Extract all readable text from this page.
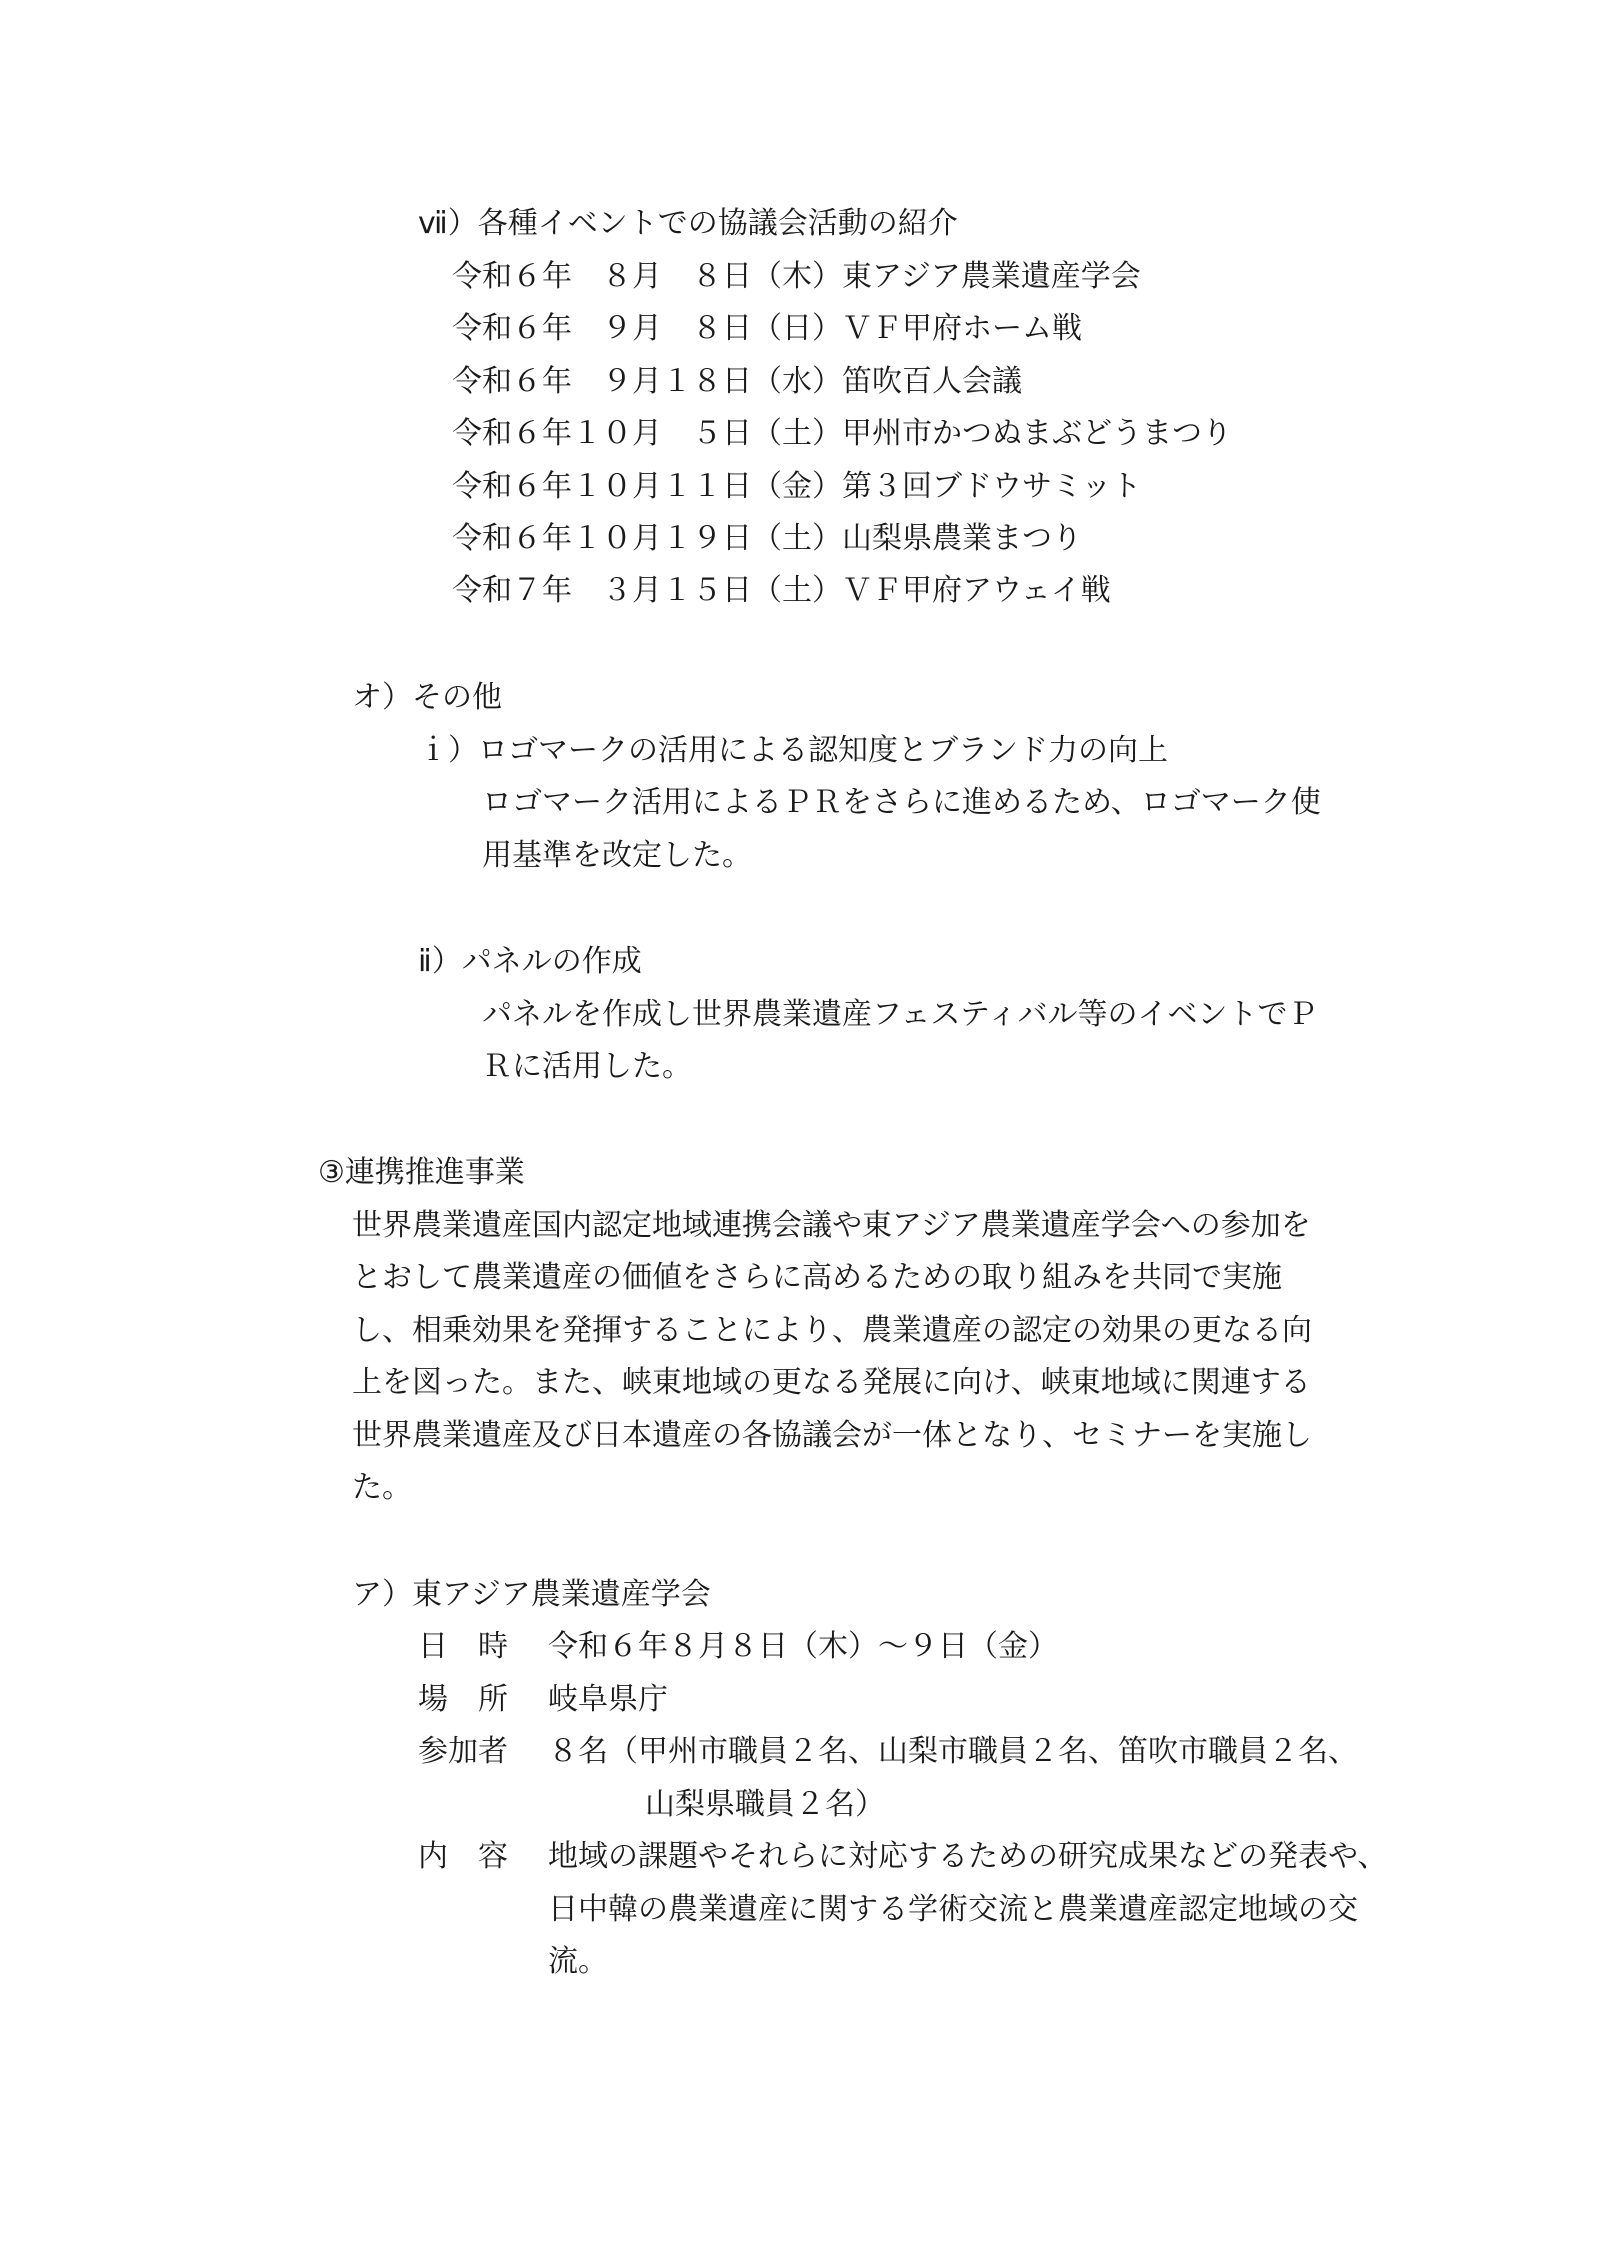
ⅶ）各種イベントでの協議会活動の紹介

令和６年　８月　８日（木）東アジア農業遺産学会

令和６年　９月　８日（日）ＶＦ甲府ホーム戦

令和６年　９月１８日（水）笛吹百人会議

令和６年１０月　５日（土）甲州市かつぬまぶどうまつり

令和６年１０月１１日（金）第３回ブドウサミット

令和６年１０月１９日（土）山梨県農業まつり

令和７年　３月１５日（土）ＶＦ甲府アウェイ戦

オ）その他

ｉ）ロゴマークの活用による認知度とブランド力の向上

ロゴマーク活用によるＰＲをさらに進めるため、ロゴマーク使

用基準を改定した。

ⅱ）パネルの作成

パネルを作成し世界農業遺産フェスティバル等のイベントでＰ

Ｒに活用した。

③連携推進事業

世界農業遺産国内認定地域連携会議や東アジア農業遺産学会への参加を

とおして農業遺産の価値をさらに高めるための取り組みを共同で実施

し、相乗効果を発揮することにより、農業遺産の認定の効果の更なる向

上を図った。また、峡東地域の更なる発展に向け、峡東地域に関連する

世界農業遺産及び日本遺産の各協議会が一体となり、セミナーを実施し

た。

ア）東アジア農業遺産学会

日　時 令和６年８月８日（木）～９日（金）

場　所 岐阜県庁

参加者 ８名（甲州市職員２名、山梨市職員２名、笛吹市職員２名、

山梨県職員２名）

内　容 地域の課題やそれらに対応するための研究成果などの発表や、

日中韓の農業遺産に関する学術交流と農業遺産認定地域の交

流。
